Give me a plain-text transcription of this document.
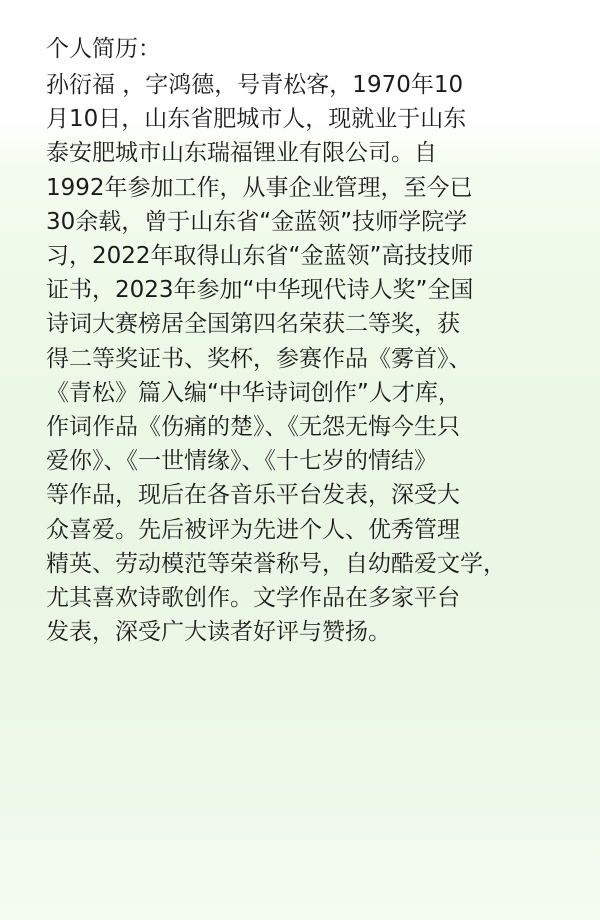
个人简历：
孙衍福 ，字鸿德，号青松客，1970年10
月10日，山东省肥城市人，现就业于山东
泰安肥城市山东瑞福锂业有限公司。自
1992年参加工作，从事企业管理，至今已
30余载，曾于山东省“金蓝领”技师学院学
习，2022年取得山东省“金蓝领”高技技师
证书，2023年参加“中华现代诗人奖”全国
诗词大赛榜居全国第四名荣获二等奖，获
得二等奖证书、奖杯，参赛作品《雾首》、
《青松》篇入编“中华诗词创作”人才库，
作词作品《伤痛的楚》、《无怨无悔今生只
爱你》、《一世情缘》、《十七岁的情结》
等作品，现后在各音乐平台发表，深受大
众喜爱。先后被评为先进个人、优秀管理
精英、劳动模范等荣誉称号，自幼酷爱文学，
尤其喜欢诗歌创作。文学作品在多家平台
发表，深受广大读者好评与赞扬。
